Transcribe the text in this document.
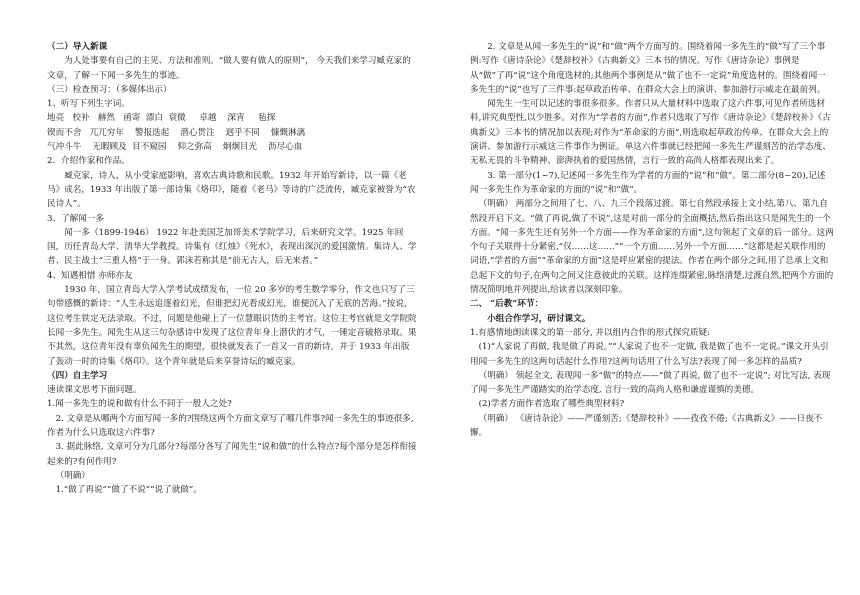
（二）导入新课

为人处事要有自己的主见、方法和准则。“做人要有做人的原则”， 今天我们来学习臧克家的文章，了解一下闻一多先生的事迹。

（三）检查预习：（多媒体出示）

1、听写下列生字词。

地亮   校补   赫然   函寄  漂白  衰微     卓越    深宵     毡探

锲而不舍   兀兀穷年    警报迭起    潜心贯注    迥乎不同    慷慨淋漓

气冲斗牛    无暇顾及  目不窥园    仰之弥高    炯炯目光    沥尽心血

2．介绍作家和作品。

臧克家，诗人，从小受家庭影响，喜欢古典诗歌和民歌。1932 年开始写新诗，以一篇《老马》成名，1933 年出版了第一部诗集《烙印》，随着《老马》等诗的广泛流传，臧克家被誉为“农民诗人”。

3、了解闻一多

闻一多（1899-1946） 1922 年赴美国芝加哥美术学院学习，后来研究文学。1925 年回国，历任青岛大学、清华大学教授。诗集有《红烛》《死水》，表现出深沉的爱国激情。集诗人、学者、民主战士“三重人格”于一身。郭沫若称其是“前无古人，后无来者。”

4、知遇相惜 亦师亦友

1930 年，国立青岛大学入学考试成绩发布，一位 20 多岁的考生数学零分，作文也只写了三句带感慨的新诗：“人生永远追逐着幻光，但谁把幻光看成幻光，谁便沉入了无底的苦海。”按说，这位考生铁定无法录取。不过，问题是他碰上了一位慧眼识货的主考官。这位主考官就是文学院院长闻一多先生。闻先生从这三句杂感诗中发现了这位青年身上潜伏的才气，一锤定音破格录取。果不其然，这位青年没有辜负闻先生的期望，很快就发表了一首又一首的新诗，并于 1933 年出版了轰动一时的诗集《烙印》。这个青年就是后来享誉诗坛的臧克家。

（四）自主学习

速读课文思考下面问题。

1.闻一多先生的说和做有什么不同于一般人之处?

2. 文章是从哪两个方面写闻一多的?围绕这两个方面文章写了哪几件事?闻一多先生的事迹很多, 作者为什么只选取这六件事?

3. 据此脉络, 文章可分为几部分?每部分各写了闻先生“说和做”的什么特点?每个部分是怎样衔接起来的?有何作用?

（明确）

1.“做了再说”“做了不说”“说了就做”。

2. 文章是从闻一多先生的“说”和“做”两个方面写的。围绕着闻一多先生的“做”写了三个事例:写作《唐诗杂论》《楚辞校补》《古典新义》三本书的情况。写作《唐诗杂论》事例是从“做”了再“说”这个角度选材的;其他两个事例是从“做了也不一定说”角度选材的。围绕着闻一多先生的“说”也写了三件事:起草政治传单、在群众大会上的演讲、参加游行示威走在最前列。

闻先生一生可以记述的事很多很多。作者只从大量材料中选取了这六件事,可见作者所选材料,讲究典型性,以少胜多。对作为“学者的方面”,作者只选取了写作《唐诗杂论》《楚辞校补》《古典新义》三本书的情况加以表现;对作为“革命家的方面”,则选取起草政治传单、在群众大会上的演讲、参加游行示威这三件事作为例证。单这六件事就已经把闻一多先生严谨刻苦的治学态度、无私无畏的斗争精神、澎湃执着的爱国热情，言行一致的高尚人格都表现出来了。

3. 第一部分(1~7),记述闻一多先生作为学者的方面的“说”和“做”。第二部分(8~20),记述闻一多先生作为革命家的方面的“说”和“做”。

（明确） 两部分之间用了七、八、九三个段落过渡。第七自然段承接上文小结,第八、第九自然段开启下文。“做了再说,做了不说”,这是对前一部分的全面概括,然后指出这只是闻先生的一个方面。“闻一多先生还有另外一个方面——作为革命家的方面”,这句领起了文章的后一部分。这两个句子关联得十分紧密,“仅……这……”“一个方面……另外一个方面……”这都是起关联作用的词语,“学者的方面”“革命家的方面”这是呼应紧密的提法。作者在两个部分之间,用了总承上文和总起下文的句子,在两句之间又注意彼此的关联。这样连缀紧密,脉络清楚,过渡自然,把两个方面的情况简明地并列提出,给读者以深刻印象。

二、 “后教”环节：

小组合作学习，研讨课文。

1.有感情地朗读课文的第一部分, 并以组内合作的形式探究质疑:

(1)“人家说了再做, 我是做了再说。”“人家说了也不一定做, 我是做了也不一定说。”课文开头引用闻一多先生的这两句话起什么作用?这两句话用了什么写法?表现了闻一多怎样的品质?

（明确） 领起全文, 表现闻一多“做”的特点——“做了再说, 做了也不一定说”; 对比写法, 表现了闻一多先生严谨踏实的治学态度, 言行一致的高尚人格和谦虚谨慎的美德。

(2)学者方面作者选取了哪些典型材料?

（明确） 《唐诗杂论》——严谨刻苦;《楚辞校补》——孜孜不倦;《古典新义》——日夜不懈。
